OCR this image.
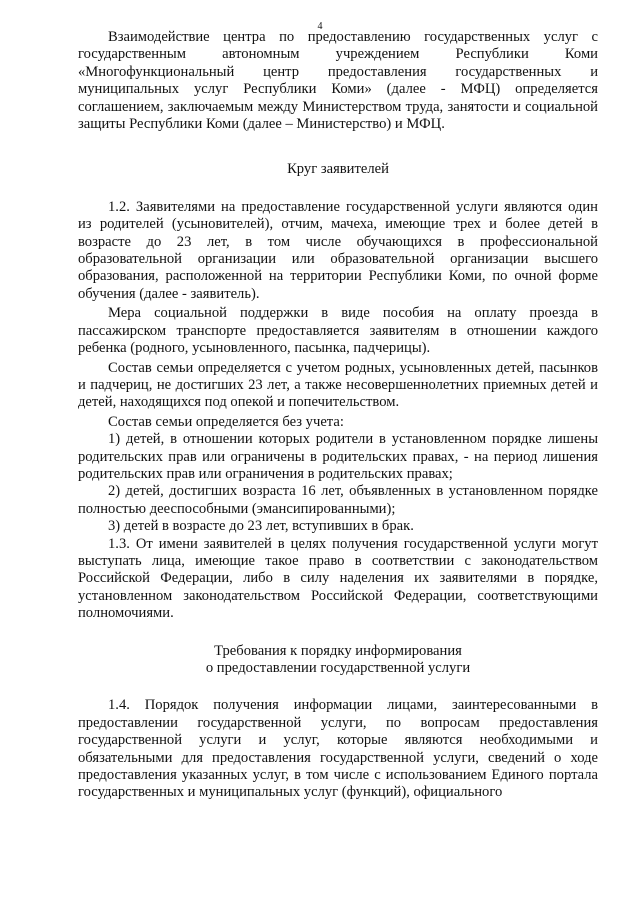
4

Взаимодействие центра по предоставлению государственных услуг с государственным автономным учреждением Республики Коми «Многофункциональный центр предоставления государственных и муниципальных услуг Республики Коми» (далее - МФЦ) определяется соглашением, заключаемым между Министерством труда, занятости и социальной защиты Республики Коми (далее – Министерство) и МФЦ.

Круг заявителей

1.2. Заявителями на предоставление государственной услуги являются один из родителей (усыновителей), отчим, мачеха, имеющие трех и более детей в возрасте до 23 лет, в том числе обучающихся в профессиональной образовательной организации или образовательной организации высшего образования, расположенной на территории Республики Коми, по очной форме обучения (далее - заявитель).

Мера социальной поддержки в виде пособия на оплату проезда в пассажирском транспорте предоставляется заявителям в отношении каждого ребенка (родного, усыновленного, пасынка, падчерицы).

Состав семьи определяется с учетом родных, усыновленных детей, пасынков и падчериц, не достигших 23 лет, а также несовершеннолетних приемных детей и детей, находящихся под опекой и попечительством.

Состав семьи определяется без учета:

1) детей, в отношении которых родители в установленном порядке лишены родительских прав или ограничены в родительских правах, - на период лишения родительских прав или ограничения в родительских правах;

2) детей, достигших возраста 16 лет, объявленных в установленном порядке полностью дееспособными (эмансипированными);

3) детей в возрасте до 23 лет, вступивших в брак.

1.3. От имени заявителей в целях получения государственной услуги могут выступать лица, имеющие такое право в соответствии с законодательством Российской Федерации, либо в силу наделения их заявителями в порядке, установленном законодательством Российской Федерации, соответствующими полномочиями.

Требования к порядку информирования

о предоставлении государственной услуги

1.4. Порядок получения информации лицами, заинтересованными в предоставлении государственной услуги, по вопросам предоставления государственной услуги и услуг, которые являются необходимыми и обязательными для предоставления государственной услуги, сведений о ходе предоставления указанных услуг, в том числе с использованием Единого портала государственных и муниципальных услуг (функций), официального
